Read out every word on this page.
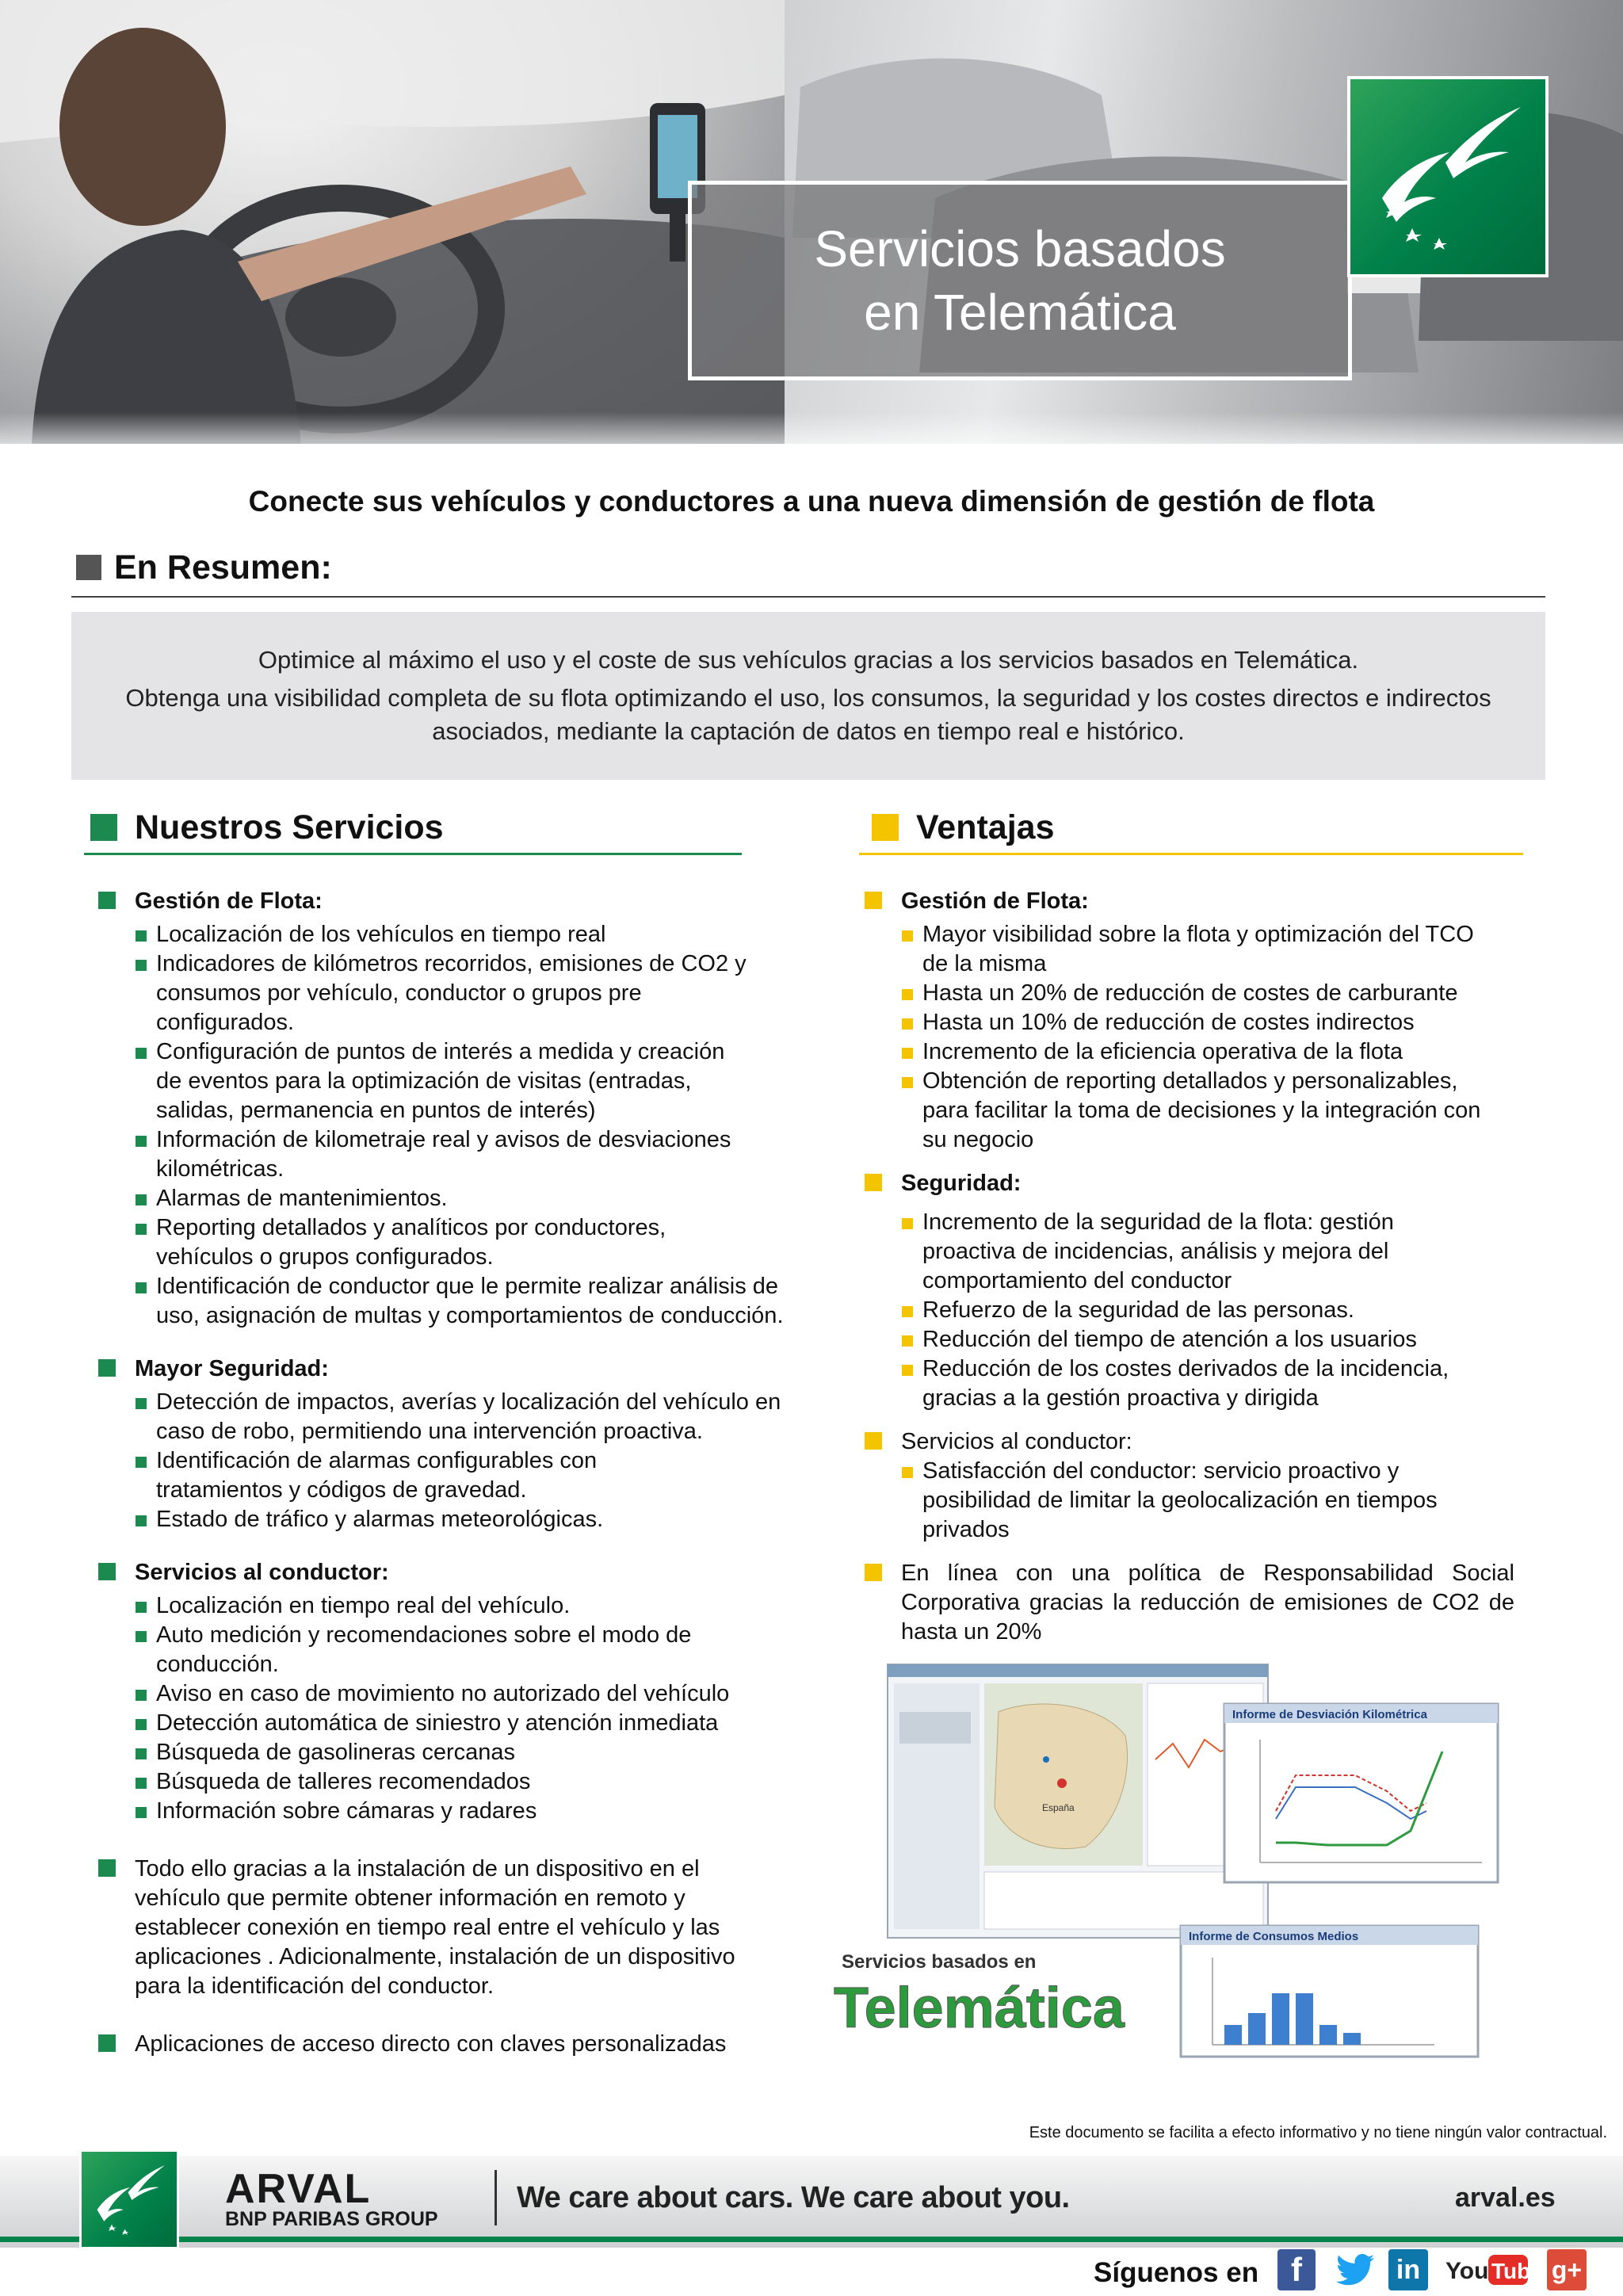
Servicios basados
en Telemática
Conecte sus vehículos y conductores a una nueva dimensión de gestión de flota
En Resumen:

Optimice al máximo el uso y el coste de sus vehículos gracias a los servicios basados en Telemática.

Obtenga una visibilidad completa de su flota optimizando el uso, los consumos, la seguridad y los costes directos e indirectos asociados, mediante la captación de datos en tiempo real e histórico.

Nuestros Servicios	Ventajas
Gestión de Flota:
Localización de los vehículos en tiempo real
Indicadores de kilómetros recorridos, emisiones de CO2 y consumos por vehículo, conductor o grupos pre configurados.
Configuración de puntos de interés a medida y creación de eventos para la optimización de visitas (entradas, salidas, permanencia en puntos de interés)
Información de kilometraje real y avisos de desviaciones kilométricas.
Alarmas de mantenimientos.
Reporting detallados y analíticos por conductores, vehículos o grupos configurados.
Identificación de conductor que le permite realizar análisis de uso, asignación de multas y comportamientos de conducción.
Mayor Seguridad:
Detección de impactos, averías y localización del vehículo en caso de robo, permitiendo una intervención proactiva.
Identificación de alarmas configurables con tratamientos y códigos de gravedad.
Estado de tráfico y alarmas meteorológicas.
Servicios al conductor:
Localización en tiempo real del vehículo.
Auto medición y recomendaciones sobre el modo de conducción.
Aviso en caso de movimiento no autorizado del vehículo
Detección automática de siniestro y atención inmediata
Búsqueda de gasolineras cercanas
Búsqueda de talleres recomendados
Información sobre cámaras y radares
Todo ello gracias a la instalación de un dispositivo en el vehículo que permite obtener información en remoto y establecer conexión en tiempo real entre el vehículo y las aplicaciones . Adicionalmente, instalación de un dispositivo para la identificación del conductor.
Aplicaciones de acceso directo con claves personalizadas
Gestión de Flota:
Mayor visibilidad sobre la flota y optimización del TCO de la misma
Hasta un 20% de reducción de costes de carburante
Hasta un 10% de reducción de costes indirectos
Incremento de la eficiencia operativa de la flota
Obtención de reporting detallados y personalizables, para facilitar la toma de decisiones y la integración con su negocio
Seguridad:
Incremento de la seguridad de la flota: gestión proactiva de incidencias, análisis y mejora del comportamiento del conductor
Refuerzo de la seguridad de las personas.
Reducción del tiempo de atención a los usuarios
Reducción de los costes derivados de la incidencia, gracias a la gestión proactiva y dirigida
Servicios al conductor:
Satisfacción del conductor: servicio proactivo y posibilidad de limitar la geolocalización en tiempos privados
En línea con una política de Responsabilidad Social Corporativa gracias la reducción de emisiones de CO2 de hasta un 20%
España
Informe de Desviación Kilométrica
Informe de Consumos Medios
Servicios basados en
Telemática
Este documento se facilita a efecto informativo y no tiene ningún valor contractual.
ARVAL
BNP PARIBAS GROUP
We care about cars. We care about you.	arval.es
Síguenos en f	in	You Tube g+
